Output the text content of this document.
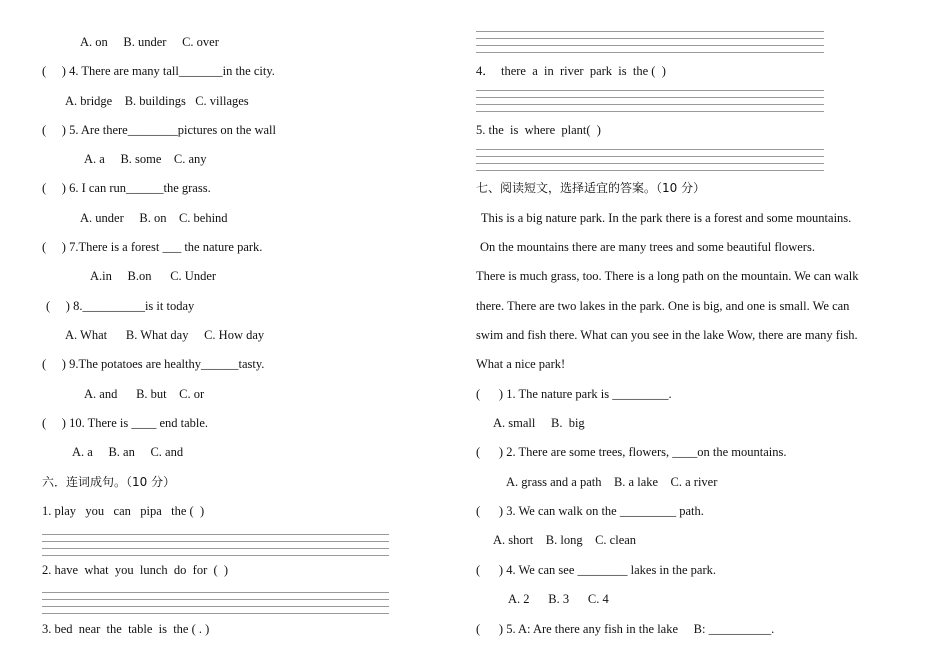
A. on     B. under     C. over
(     ) 4. There are many tall_______in the city.
A. bridge    B. buildings   C. villages
(     ) 5. Are there________pictures on the wall
A. a     B. some    C. any
(     ) 6. I can run______the grass.
A. under     B. on    C. behind
(     ) 7.There is a forest ___ the nature park.
A.in     B.on      C. Under
(     ) 8.__________is it today
A. What      B. What day     C. How day
(     ) 9.The potatoes are healthy______tasty.
A. and      B. but    C. or
(     ) 10. There is ____ end table.
A. a     B. an     C. and
六．连词成句。（10 分）
1. play   you   can   pipa   the (  )
2. have  what  you  lunch  do  for  (  )
3. bed  near  the  table  is  the ( . )
4．  there  a  in  river  park  is  the (  )
5. the  is  where  plant(  )
七、阅读短文，选择适宜的答案。（10 分）
This is a big nature park. In the park there is a forest and some mountains.
On the mountains there are many trees and some beautiful flowers.
There is much grass, too. There is a long path on the mountain. We can walk
there. There are two lakes in the park. One is big, and one is small. We can
swim and fish there. What can you see in the lake Wow, there are many fish.
What a nice park!
(      ) 1. The nature park is _________.
A. small     B.  big
(      ) 2. There are some trees, flowers, ____on the mountains.
A. grass and a path    B. a lake    C. a river
(      ) 3. We can walk on the _________ path.
A. short    B. long    C. clean
(      ) 4. We can see ________ lakes in the park.
A. 2      B. 3      C. 4
(      ) 5. A: Are there any fish in the lake     B: __________.
